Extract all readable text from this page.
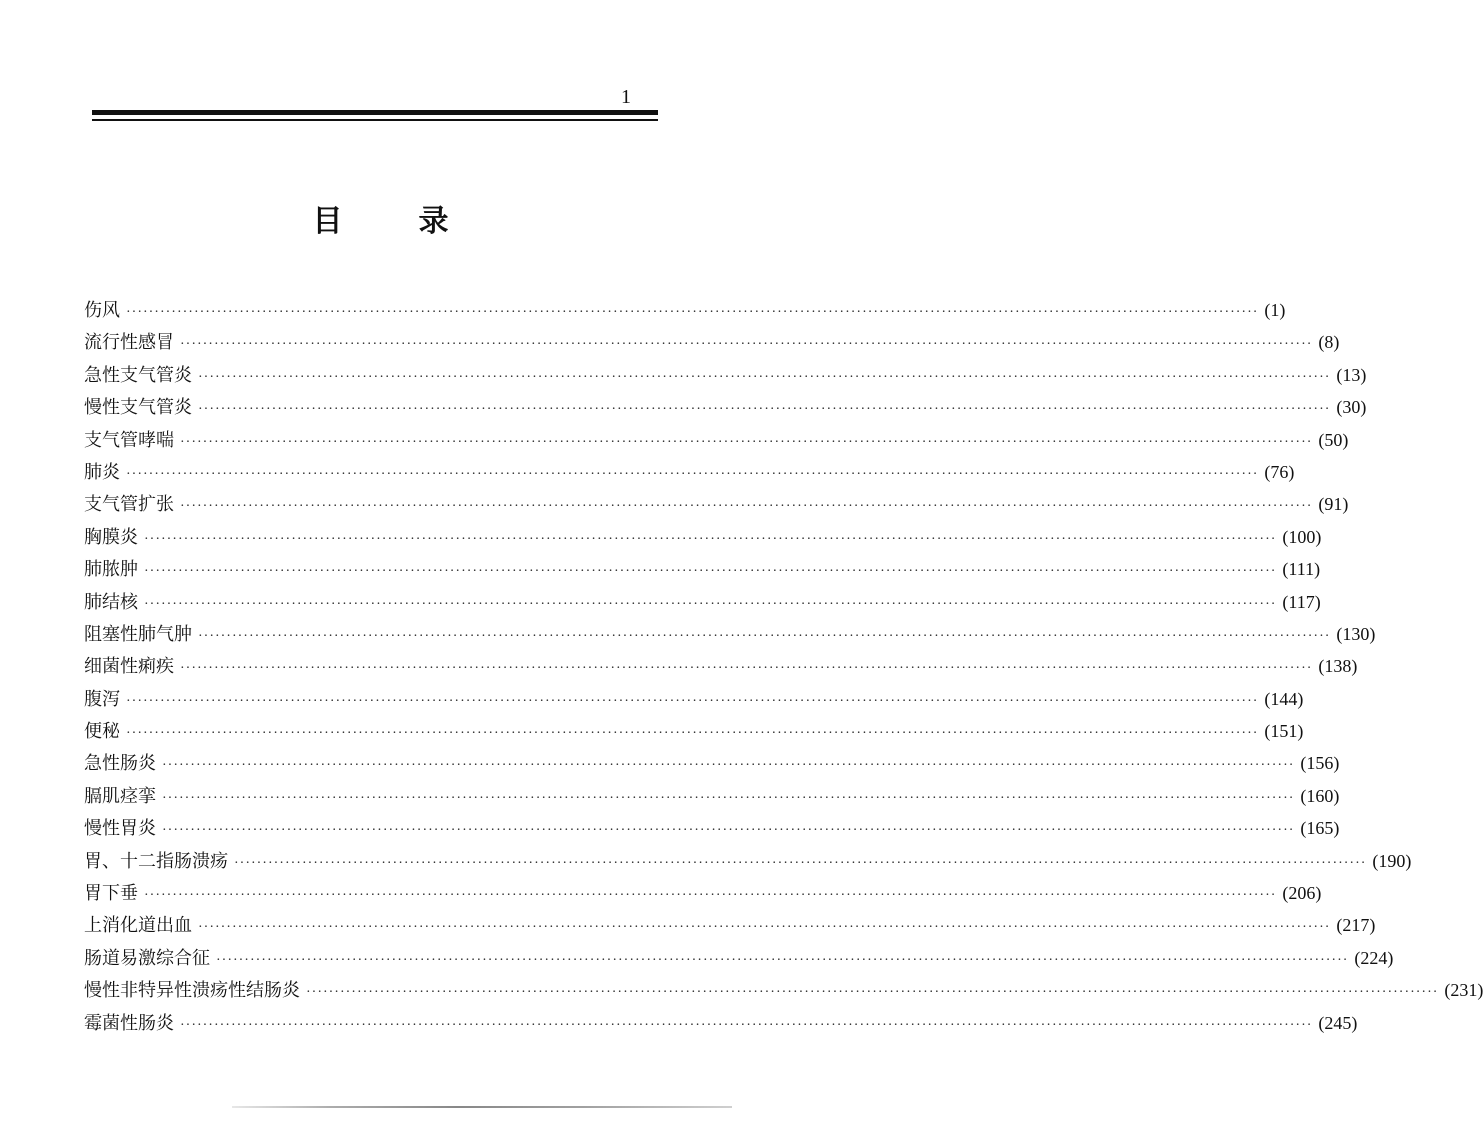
1
目 录
伤风 ········································································································································································································ ( 1 )
流行性感冒 ········································································································································································································ ( 8 )
急性支气管炎 ········································································································································································································ ( 13 )
慢性支气管炎 ········································································································································································································ ( 30 )
支气管哮喘 ········································································································································································································ ( 50 )
肺炎 ········································································································································································································ ( 76 )
支气管扩张 ········································································································································································································ ( 91 )
胸膜炎 ········································································································································································································ ( 100 )
肺脓肿 ········································································································································································································ ( 111 )
肺结核 ········································································································································································································ ( 117 )
阻塞性肺气肿 ········································································································································································································ ( 130 )
细菌性痢疾 ········································································································································································································ ( 138 )
腹泻 ········································································································································································································ ( 144 )
便秘 ········································································································································································································ ( 151 )
急性肠炎 ········································································································································································································ ( 156 )
膈肌痉挛 ········································································································································································································ ( 160 )
慢性胃炎 ········································································································································································································ ( 165 )
胃、十二指肠溃疡 ········································································································································································································ ( 190 )
胃下垂 ········································································································································································································ ( 206 )
上消化道出血 ········································································································································································································ ( 217 )
肠道易激综合征 ········································································································································································································ ( 224 )
慢性非特异性溃疡性结肠炎 ········································································································································································································ ( 231 )
霉菌性肠炎 ········································································································································································································ ( 245 )
